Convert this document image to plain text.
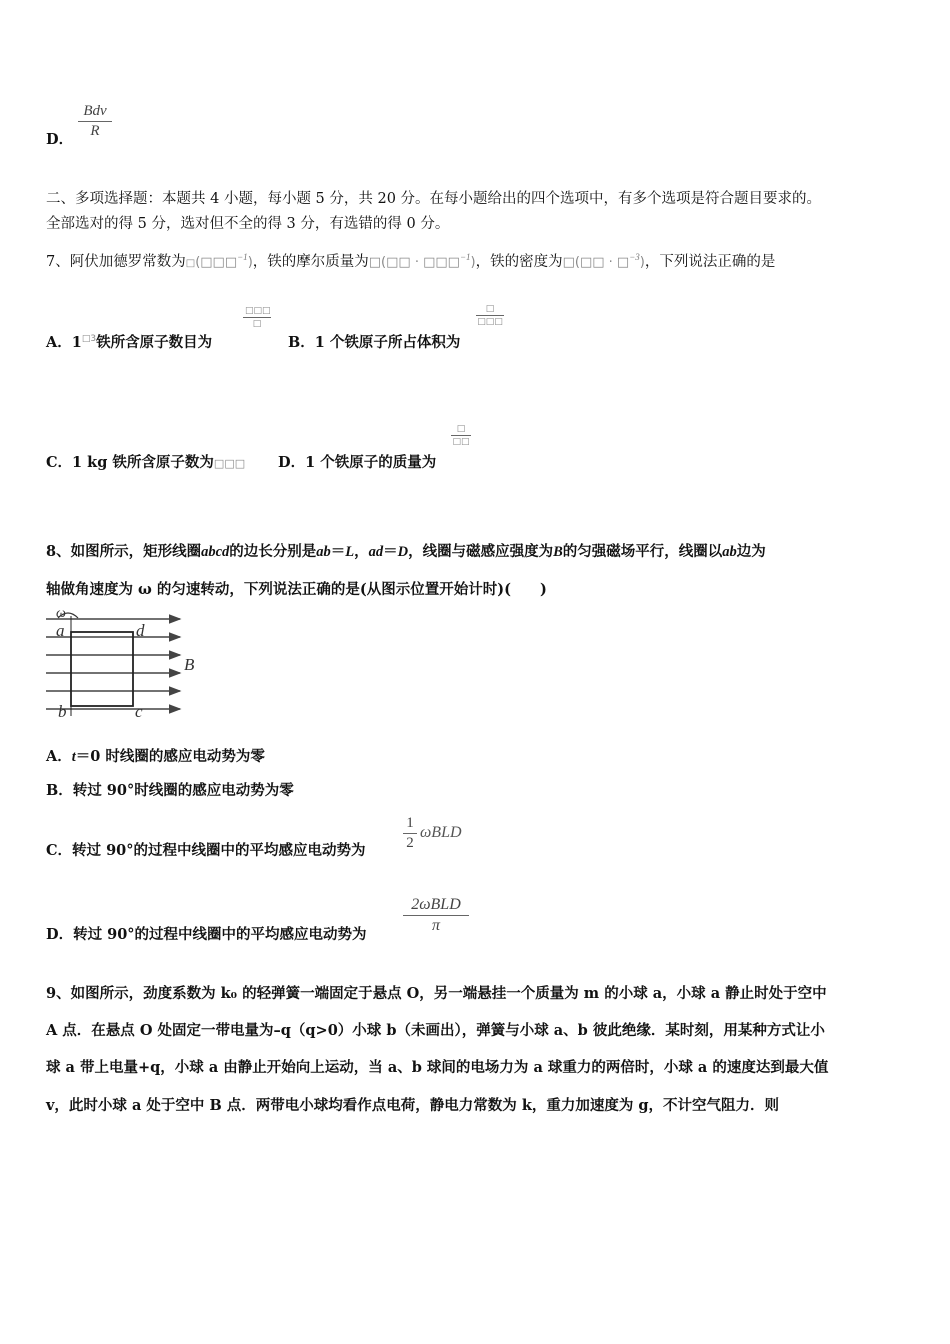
D．
Bdv
R
二、多项选择题：本题共 4 小题，每小题 5 分，共 20 分。在每小题给出的四个选项中，有多个选项是符合题目要求的。
全部选对的得 5 分，选对但不全的得 3 分，有选错的得 0 分。
7、阿伏加德罗常数为□(□□□$^{-1}$)，铁的摩尔质量为□(□□ · □□□$^{-1}$)，铁的密度为□(□□ · □$^{-3}$)，下列说法正确的是
A．$1^{□3}$铁所含原子数目为
□□□
□
B．1 个铁原子所占体积为
□
□□□
C．1 kg 铁所含原子数为□□□ D．1 个铁原子的质量为
□
□□
8、如图所示，矩形线圈abcd的边长分别是ab＝L，ad＝D，线圈与磁感应强度为B的匀强磁场平行，线圈以ab边为
轴做角速度为 ω 的匀速转动，下列说法正确的是(从图示位置开始计时)(　　)
ω
a	d
b	c
B
A．t＝0 时线圈的感应电动势为零
B．转过 90°时线圈的感应电动势为零
C．转过 90°的过程中线圈中的平均感应电动势为
1
2
ωBLD
D．转过 90°的过程中线圈中的平均感应电动势为
2ωBLD
π
9、如图所示，劲度系数为 k₀ 的轻弹簧一端固定于悬点 O，另一端悬挂一个质量为 m 的小球 a，小球 a 静止时处于空中
A 点．在悬点 O 处固定一带电量为–q（q>0）小球 b（未画出），弹簧与小球 a、b 彼此绝缘．某时刻，用某种方式让小
球 a 带上电量+q，小球 a 由静止开始向上运动，当 a、b 球间的电场力为 a 球重力的两倍时，小球 a 的速度达到最大值
v，此时小球 a 处于空中 B 点．两带电小球均看作点电荷，静电力常数为 k，重力加速度为 g，不计空气阻力．则
